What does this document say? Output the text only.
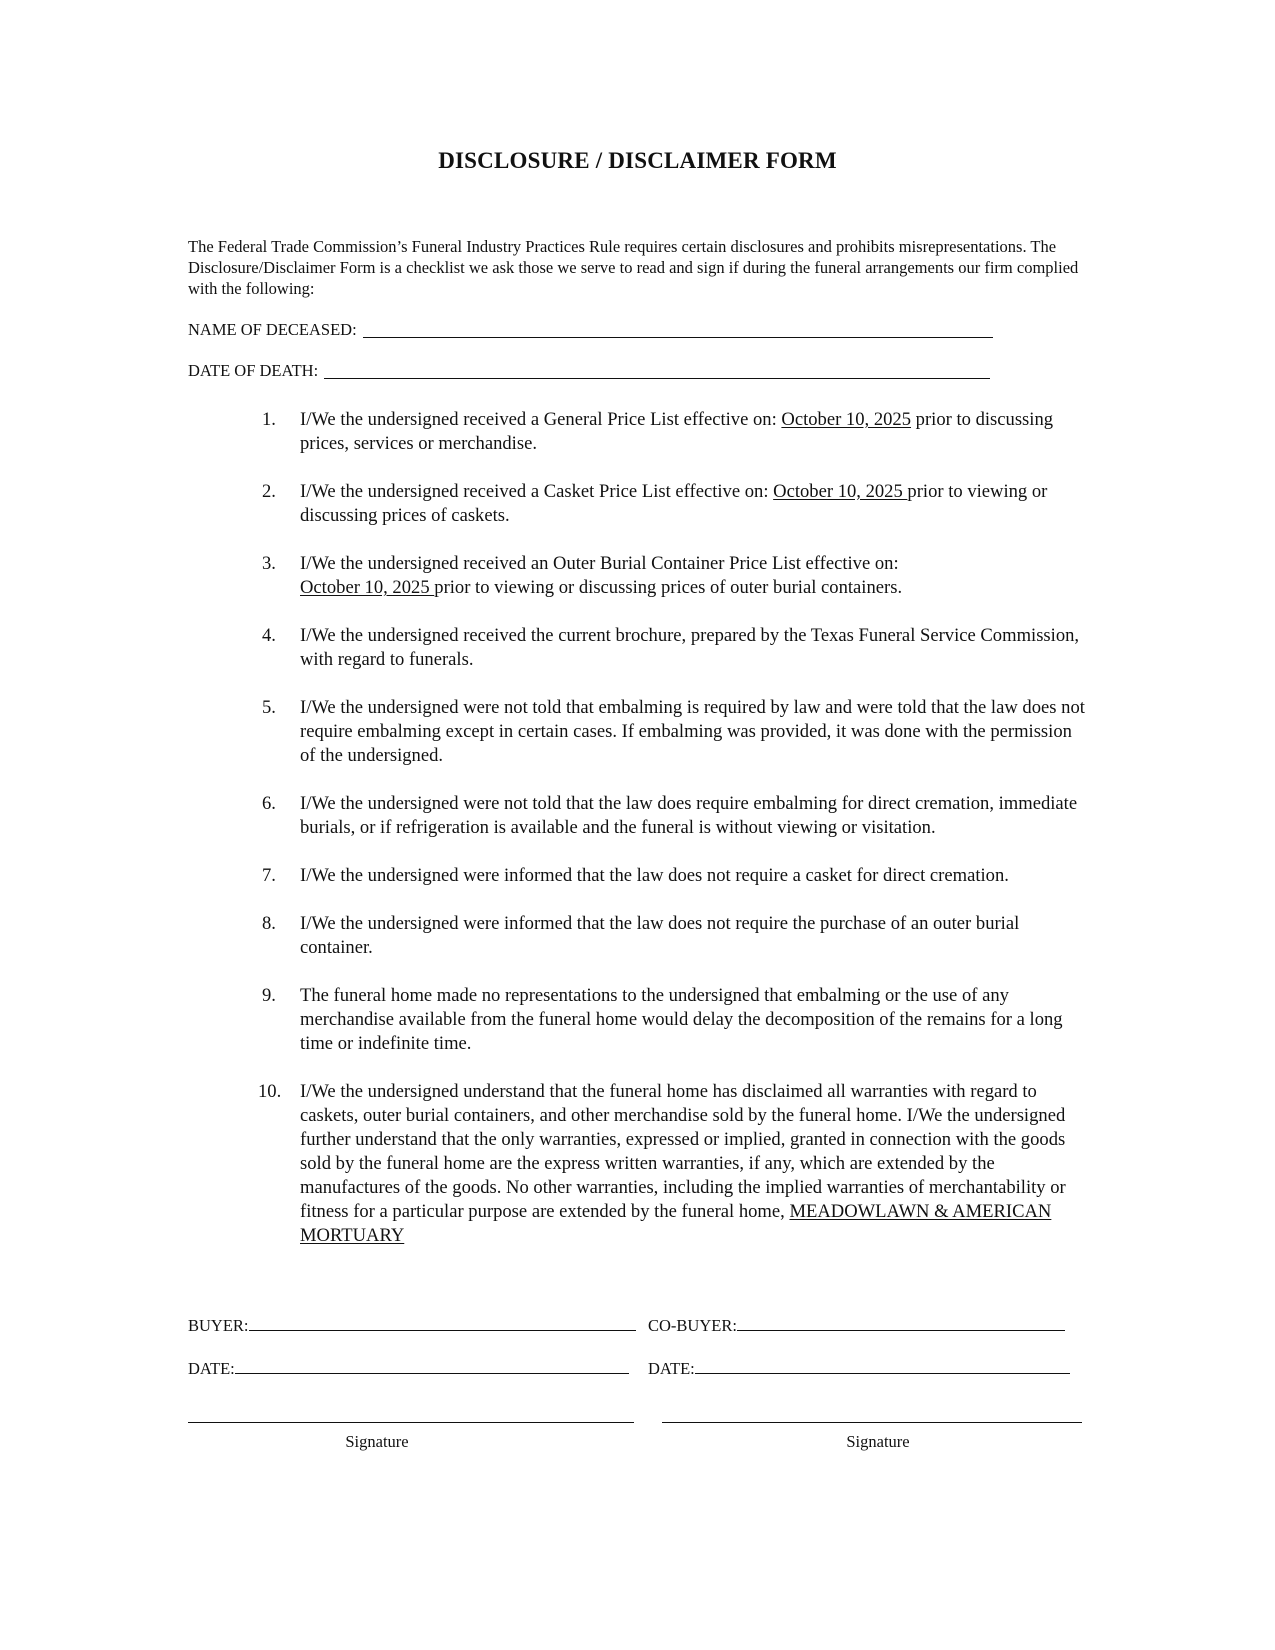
DISCLOSURE / DISCLAIMER FORM
The Federal Trade Commission’s Funeral Industry Practices Rule requires certain disclosures and prohibits misrepresentations. The Disclosure/Disclaimer Form is a checklist we ask those we serve to read and sign if during the funeral arrangements our firm complied with the following:
NAME OF DECEASED:
DATE OF DEATH:
1.	I/We the undersigned received a General Price List effective on: October 10, 2025 prior to discussing prices, services or merchandise.
2.	I/We the undersigned received a Casket Price List effective on: October 10, 2025 prior to viewing or discussing prices of caskets.
3.	I/We the undersigned received an Outer Burial Container Price List effective on:
October 10, 2025 prior to viewing or discussing prices of outer burial containers.
4.	I/We the undersigned received the current brochure, prepared by the Texas Funeral Service Commission, with regard to funerals.
5.	I/We the undersigned were not told that embalming is required by law and were told that the law does not require embalming except in certain cases. If embalming was provided, it was done with the permission of the undersigned.
6.	I/We the undersigned were not told that the law does require embalming for direct cremation, immediate burials, or if refrigeration is available and the funeral is without viewing or visitation.
7.	I/We the undersigned were informed that the law does not require a casket for direct cremation.
8.	I/We the undersigned were informed that the law does not require the purchase of an outer burial container.
9.	The funeral home made no representations to the undersigned that embalming or the use of any merchandise available from the funeral home would delay the decomposition of the remains for a long time or indefinite time.
10.	I/We the undersigned understand that the funeral home has disclaimed all warranties with regard to caskets, outer burial containers, and other merchandise sold by the funeral home. I/We the undersigned further understand that the only warranties, expressed or implied, granted in connection with the goods sold by the funeral home are the express written warranties, if any, which are extended by the manufactures of the goods. No other warranties, including the implied warranties of merchantability or fitness for a particular purpose are extended by the funeral home, MEADOWLAWN & AMERICAN MORTUARY
BUYER:	CO-BUYER:
DATE:	DATE:
Signature	Signature
